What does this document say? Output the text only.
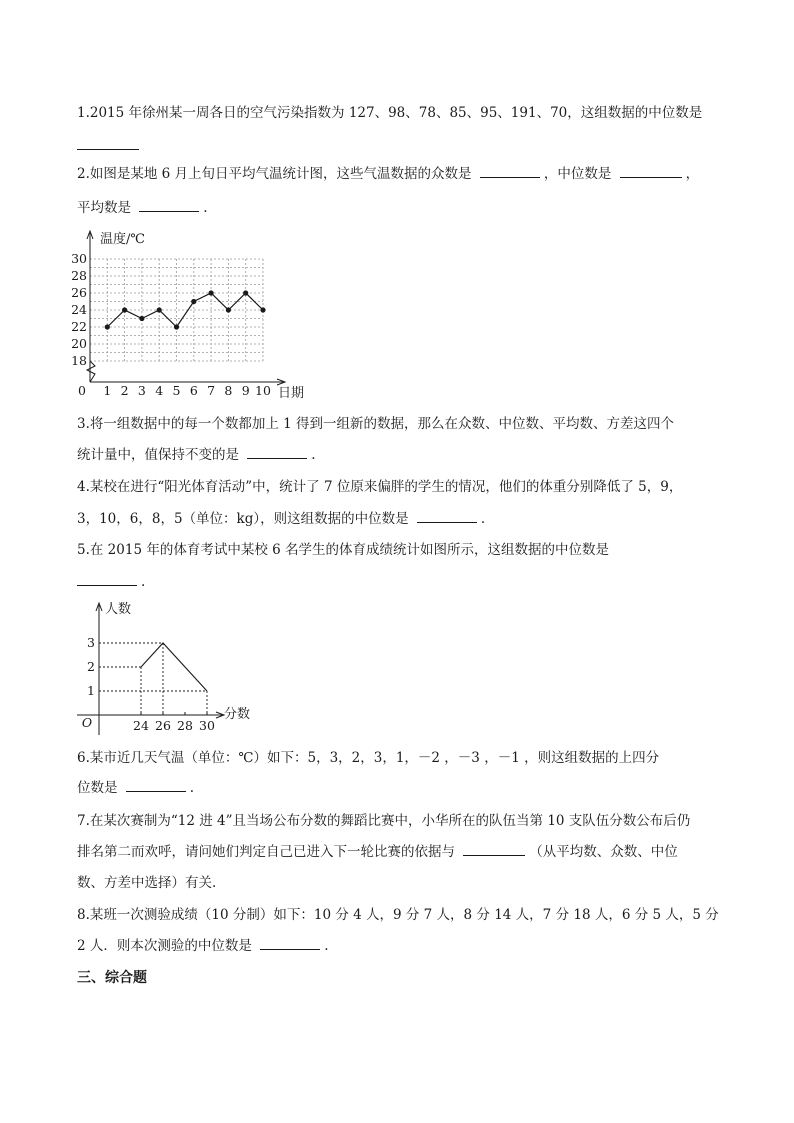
1.2015 年徐州某一周各日的空气污染指数为 127、98、78、85、95、191、70，这组数据的中位数是
2.如图是某地 6 月上旬日平均气温统计图，这些气温数据的众数是	，中位数是	，
平均数是	.
18
20
22
24
26
28
30
1 2 3 4 5 6 7 8 9 10
0
温度/℃
日期
3.将一组数据中的每一个数都加上 1 得到一组新的数据，那么在众数、中位数、平均数、方差这四个
统计量中，值保持不变的是	.
4.某校在进行“阳光体育活动”中，统计了 7 位原来偏胖的学生的情况，他们的体重分别降低了 5，9，
3，10，6，8，5（单位：kg），则这组数据的中位数是	.
5.在 2015 年的体育考试中某校 6 名学生的体育成绩统计如图所示，这组数据的中位数是
.
1
2
3
24 26 28 30
O
人数
分数
6.某市近几天气温（单位：℃）如下：5，3，2，3，1，－2 ，－3 ，－1 ，则这组数据的上四分
位数是	.
7.在某次赛制为“12 进 4”且当场公布分数的舞蹈比赛中，小华所在的队伍当第 10 支队伍分数公布后仍
排名第二而欢呼，请问她们判定自己已进入下一轮比赛的依据与	（从平均数、众数、中位
数、方差中选择）有关.
8.某班一次测验成绩（10 分制）如下：10 分 4 人，9 分 7 人，8 分 14 人，7 分 18 人，6 分 5 人，5 分
2 人．则本次测验的中位数是	.
三、综合题
